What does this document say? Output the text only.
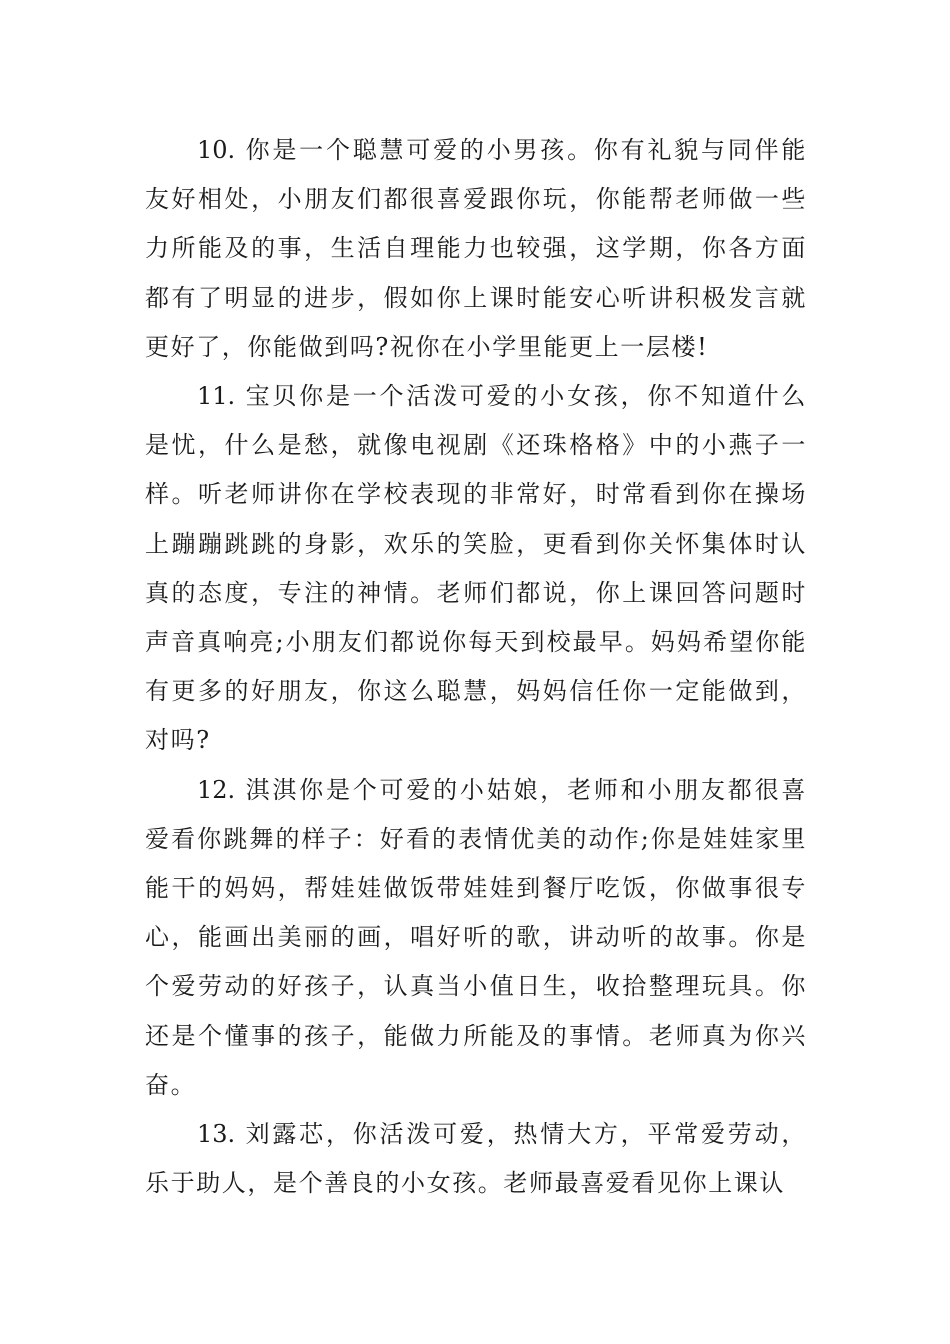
10. 你是一个聪慧可爱的小男孩。你有礼貌与同伴能友好相处，小朋友们都很喜爱跟你玩，你能帮老师做一些力所能及的事，生活自理能力也较强，这学期，你各方面都有了明显的进步，假如你上课时能安心听讲积极发言就更好了，你能做到吗?祝你在小学里能更上一层楼!

11. 宝贝你是一个活泼可爱的小女孩，你不知道什么是忧，什么是愁，就像电视剧《还珠格格》中的小燕子一样。听老师讲你在学校表现的非常好，时常看到你在操场上蹦蹦跳跳的身影，欢乐的笑脸，更看到你关怀集体时认真的态度，专注的神情。老师们都说，你上课回答问题时声音真响亮;小朋友们都说你每天到校最早。妈妈希望你能有更多的好朋友，你这么聪慧，妈妈信任你一定能做到，对吗?

12. 淇淇你是个可爱的小姑娘，老师和小朋友都很喜爱看你跳舞的样子：好看的表情优美的动作;你是娃娃家里能干的妈妈，帮娃娃做饭带娃娃到餐厅吃饭，你做事很专心，能画出美丽的画，唱好听的歌，讲动听的故事。你是个爱劳动的好孩子，认真当小值日生，收拾整理玩具。你还是个懂事的孩子，能做力所能及的事情。老师真为你兴奋。

13. 刘露芯，你活泼可爱，热情大方，平常爱劳动，乐于助人，是个善良的小女孩。老师最喜爱看见你上课认
